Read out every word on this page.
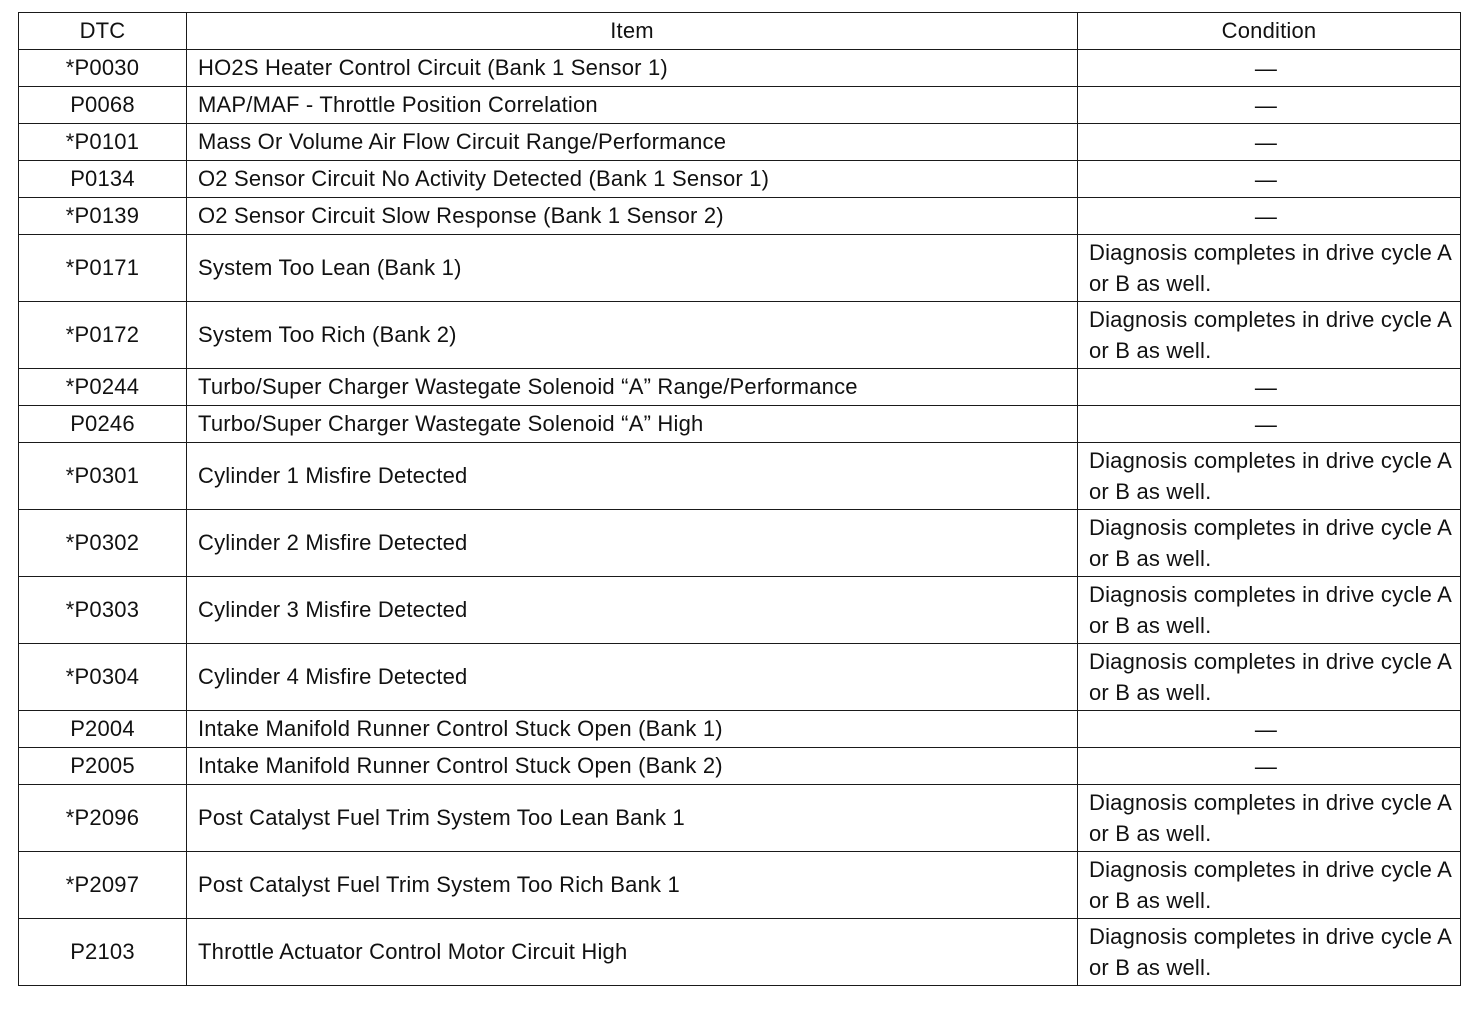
DTC	Item	Condition
*P0030	HO2S Heater Control Circuit (Bank 1 Sensor 1)	—
P0068	MAP/MAF - Throttle Position Correlation	—
*P0101	Mass Or Volume Air Flow Circuit Range/Performance	—
P0134	O2 Sensor Circuit No Activity Detected (Bank 1 Sensor 1)	—
*P0139	O2 Sensor Circuit Slow Response (Bank 1 Sensor 2)	—
*P0171	System Too Lean (Bank 1)	Diagnosis completes in drive cycle A or B as well.
*P0172	System Too Rich (Bank 2)	Diagnosis completes in drive cycle A or B as well.
*P0244	Turbo/Super Charger Wastegate Solenoid “A” Range/Performance	—
P0246	Turbo/Super Charger Wastegate Solenoid “A” High	—
*P0301	Cylinder 1 Misfire Detected	Diagnosis completes in drive cycle A or B as well.
*P0302	Cylinder 2 Misfire Detected	Diagnosis completes in drive cycle A or B as well.
*P0303	Cylinder 3 Misfire Detected	Diagnosis completes in drive cycle A or B as well.
*P0304	Cylinder 4 Misfire Detected	Diagnosis completes in drive cycle A or B as well.
P2004	Intake Manifold Runner Control Stuck Open (Bank 1)	—
P2005	Intake Manifold Runner Control Stuck Open (Bank 2)	—
*P2096	Post Catalyst Fuel Trim System Too Lean Bank 1	Diagnosis completes in drive cycle A or B as well.
*P2097	Post Catalyst Fuel Trim System Too Rich Bank 1	Diagnosis completes in drive cycle A or B as well.
P2103	Throttle Actuator Control Motor Circuit High	Diagnosis completes in drive cycle A or B as well.
